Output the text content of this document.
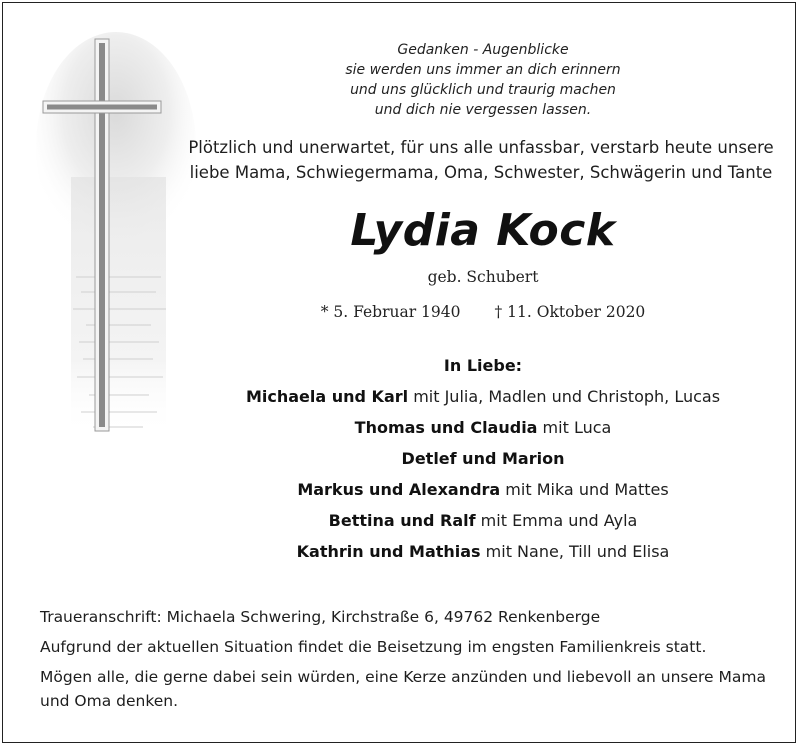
Gedanken - Augenblicke
sie werden uns immer an dich erinnern
und uns glücklich und traurig machen
und dich nie vergessen lassen.
Plötzlich und unerwartet, für uns alle unfassbar, verstarb heute unsere
liebe Mama, Schwiegermama, Oma, Schwester, Schwägerin und Tante
Lydia Kock
geb. Schubert
* 5. Februar 1940 † 11. Oktober 2020
In Liebe:
Michaela und Karl mit Julia, Madlen und Christoph, Lucas
Thomas und Claudia mit Luca
Detlef und Marion
Markus und Alexandra mit Mika und Mattes
Bettina und Ralf mit Emma und Ayla
Kathrin und Mathias mit Nane, Till und Elisa

Traueranschrift: Michaela Schwering, Kirchstraße 6, 49762 Renkenberge

Aufgrund der aktuellen Situation findet die Beisetzung im engsten Familienkreis statt.

Mögen alle, die gerne dabei sein würden, eine Kerze anzünden und liebevoll an unsere Mama und Oma denken.
